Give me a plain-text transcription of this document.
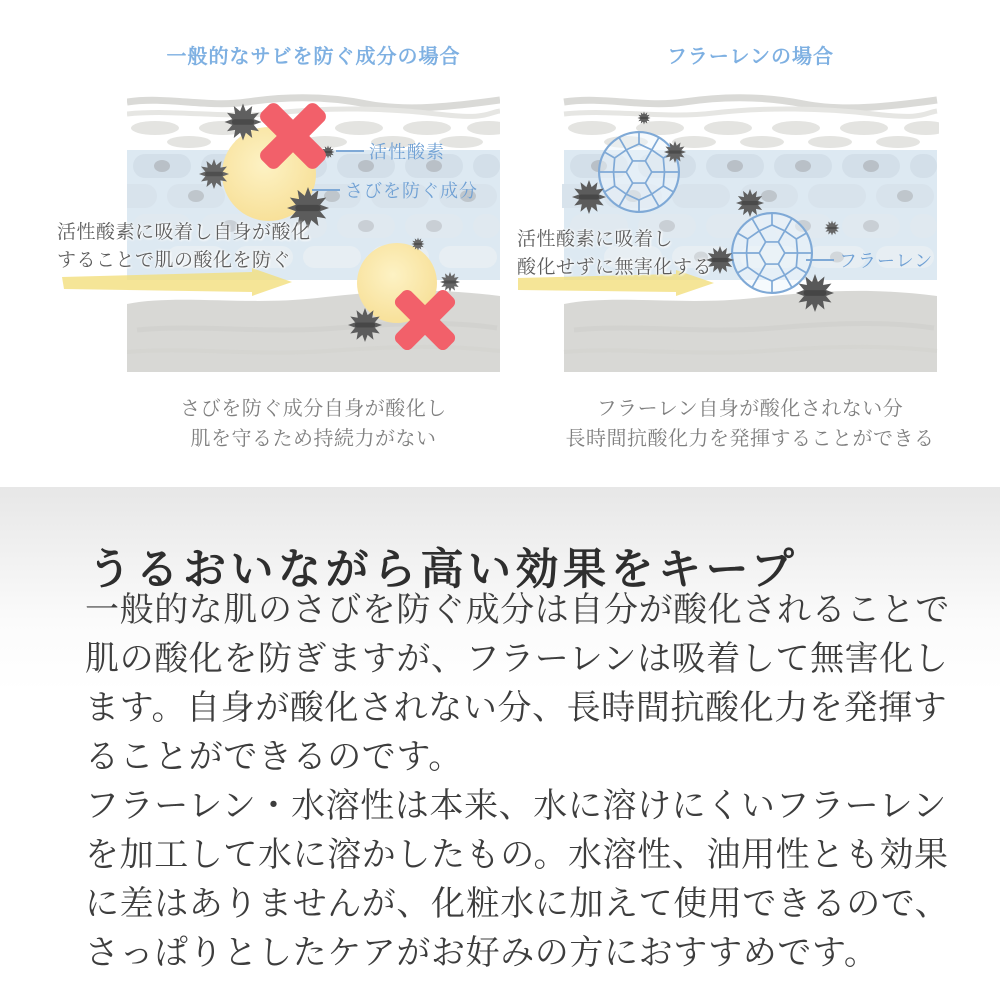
一般的なサビを防ぐ成分の場合	フラーレンの場合
活性酸素に吸着し自身が酸化
することで肌の酸化を防ぐ
活性酸素に吸着し
酸化せずに無害化する
活性酸素
さびを防ぐ成分
フラーレン
さびを防ぐ成分自身が酸化し
肌を守るため持続力がない
フラーレン自身が酸化されない分
長時間抗酸化力を発揮することができる
うるおいながら高い効果をキープ
一般的な肌のさびを防ぐ成分は自分が酸化されることで
肌の酸化を防ぎますが、フラーレンは吸着して無害化し
ます。自身が酸化されない分、長時間抗酸化力を発揮す
ることができるのです。
フラーレン・水溶性は本来、水に溶けにくいフラーレン
を加工して水に溶かしたもの。水溶性、油用性とも効果
に差はありませんが、化粧水に加えて使用できるので、
さっぱりとしたケアがお好みの方におすすめです。
